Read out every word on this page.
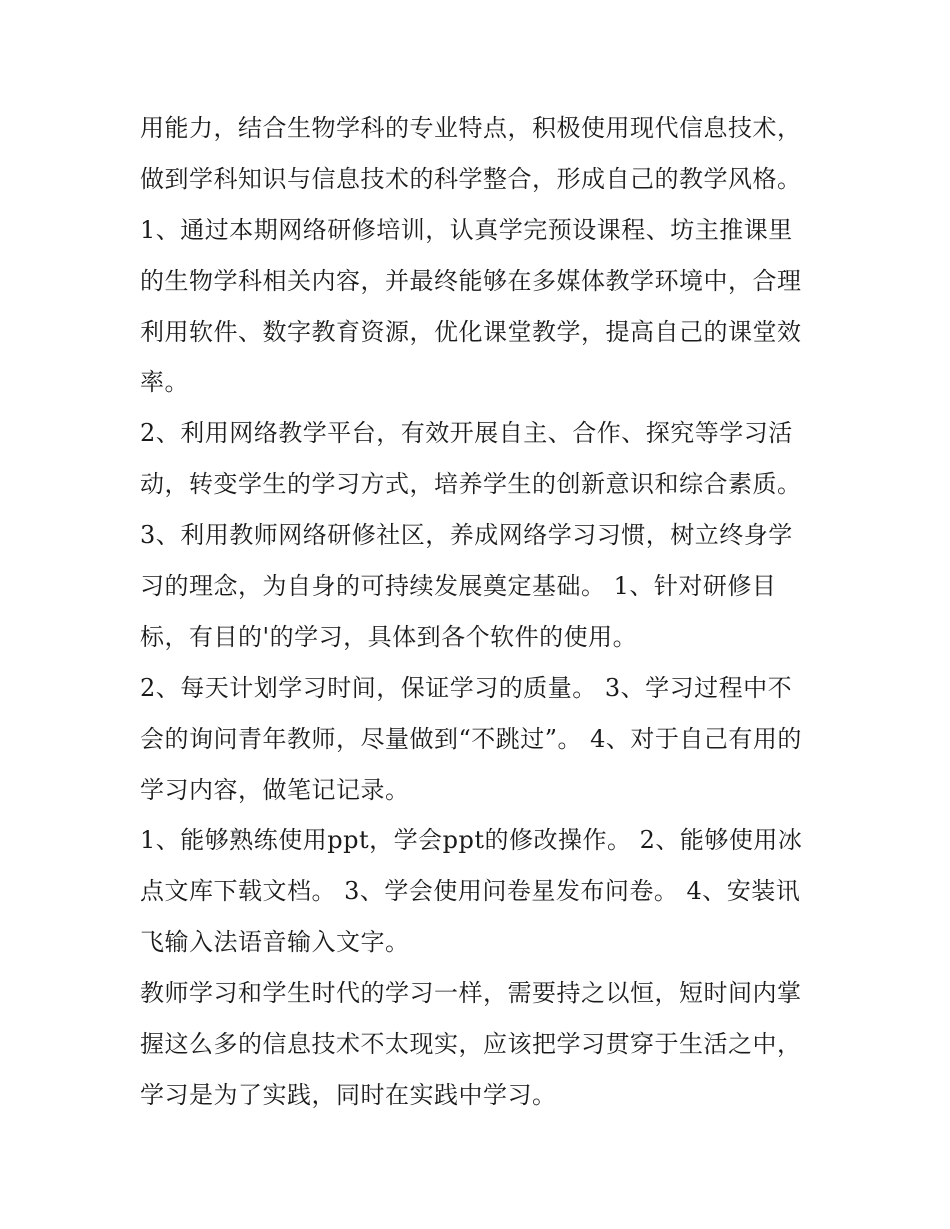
用能力，结合生物学科的专业特点，积极使用现代信息技术，
做到学科知识与信息技术的科学整合，形成自己的教学风格。
1、通过本期网络研修培训，认真学完预设课程、坊主推课里
的生物学科相关内容，并最终能够在多媒体教学环境中，合理
利用软件、数字教育资源，优化课堂教学，提高自己的课堂效
率。
2、利用网络教学平台，有效开展自主、合作、探究等学习活
动，转变学生的学习方式，培养学生的创新意识和综合素质。
3、利用教师网络研修社区，养成网络学习习惯，树立终身学
习的理念，为自身的可持续发展奠定基础。 1、针对研修目
标，有目的'的学习，具体到各个软件的使用。
2、每天计划学习时间，保证学习的质量。 3、学习过程中不
会的询问青年教师，尽量做到“不跳过”。 4、对于自己有用的
学习内容，做笔记记录。
1、能够熟练使用ppt，学会ppt的修改操作。 2、能够使用冰
点文库下载文档。 3、学会使用问卷星发布问卷。 4、安装讯
飞输入法语音输入文字。
教师学习和学生时代的学习一样，需要持之以恒，短时间内掌
握这么多的信息技术不太现实，应该把学习贯穿于生活之中，
学习是为了实践，同时在实践中学习。
